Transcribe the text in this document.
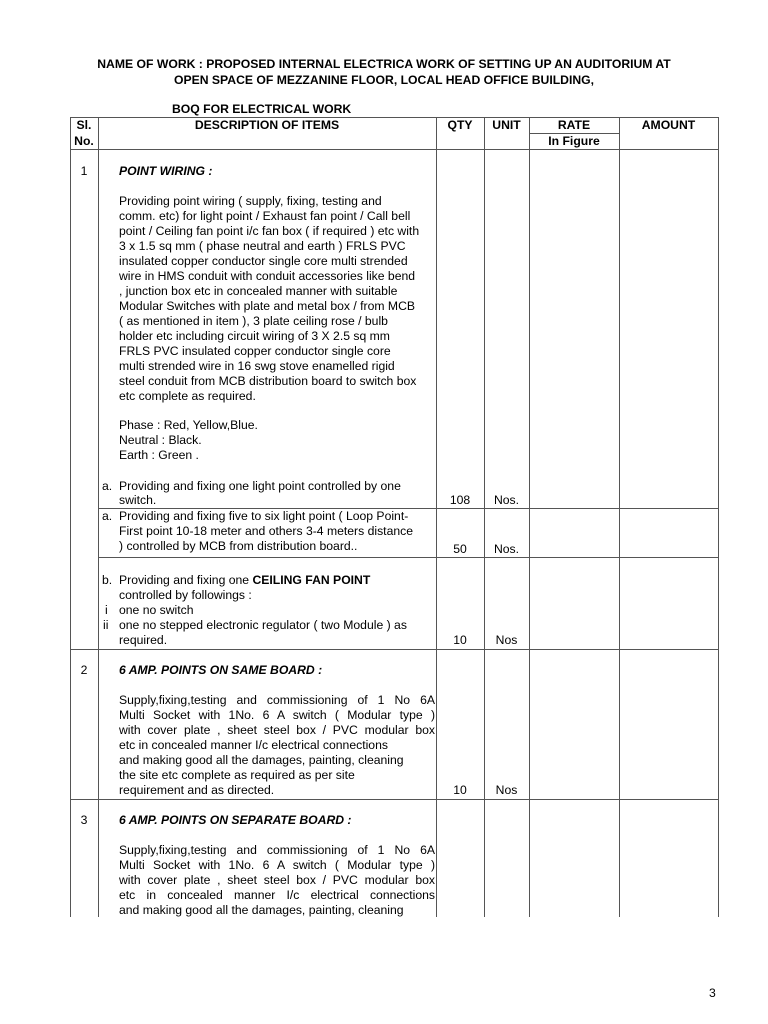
NAME OF WORK : PROPOSED INTERNAL ELECTRICA WORK OF SETTING UP AN AUDITORIUM AT
OPEN SPACE OF MEZZANINE FLOOR, LOCAL HEAD OFFICE BUILDING,
BOQ FOR ELECTRICAL WORK
Sl.
No.
DESCRIPTION OF ITEMS	QTY	UNIT	RATE
In Figure
AMOUNT
1	POINT WIRING :
Providing point wiring ( supply, fixing, testing and
comm. etc) for light point / Exhaust fan point / Call bell
point / Ceiling fan point i/c fan box ( if required ) etc with
3 x 1.5 sq mm ( phase neutral and earth ) FRLS PVC
insulated copper conductor single core multi strended
wire in HMS conduit with conduit accessories like bend
, junction box etc in concealed manner with suitable
Modular Switches with plate and metal box / from MCB
( as mentioned in item ), 3 plate ceiling rose / bulb
holder etc including circuit wiring of 3 X 2.5 sq mm
FRLS PVC insulated copper conductor single core
multi strended wire in 16 swg stove enamelled rigid
steel conduit from MCB distribution board to switch box
etc complete as required.
Phase : Red, Yellow,Blue.
Neutral : Black.
Earth : Green .
a. Providing and fixing one light point controlled by one
switch.	108	Nos.
a. Providing and fixing five to six light point ( Loop Point-
First point 10-18 meter and others 3-4 meters distance
) controlled by MCB from distribution board..	50	Nos.
b. Providing and fixing one CEILING FAN POINT
controlled by followings :
i one no switch
ii one no stepped electronic regulator ( two Module ) as
required.	10	Nos
2	6 AMP. POINTS ON SAME BOARD :
Supply,fixing,testing and commissioning of 1 No 6A
Multi Socket with 1No. 6 A switch ( Modular type )
with cover plate , sheet steel box / PVC modular box
etc in concealed manner I/c electrical connections
and making good all the damages, painting, cleaning
the site etc complete as required as per site
requirement and as directed.	10	Nos
3	6 AMP. POINTS ON SEPARATE BOARD :
Supply,fixing,testing and commissioning of 1 No 6A
Multi Socket with 1No. 6 A switch ( Modular type )
with cover plate , sheet steel box / PVC modular box
etc in concealed manner I/c electrical connections
and making good all the damages, painting, cleaning
3
